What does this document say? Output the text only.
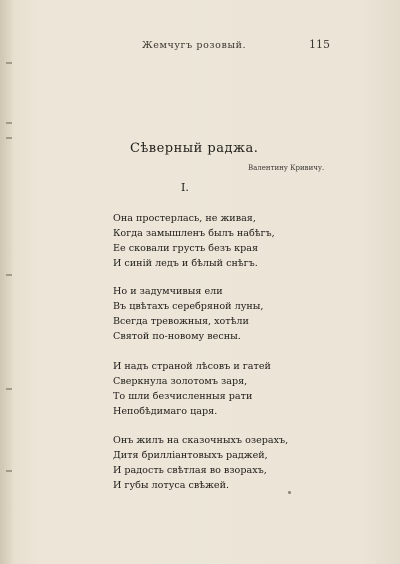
Жемчугъ розовый.	115
Сѣверный раджа.
Валентину Кривичу.
I.
Она простерлась, не живая,
Когда замышленъ былъ набѣгъ,
Ее сковали грусть безъ края
И синій ледъ и бѣлый снѣгъ.
Но и задумчивыя ели
Въ цвѣтахъ серебряной луны,
Всегда тревожныя, хотѣли
Святой по-новому весны.
И надъ страной лѣсовъ и гатей
Сверкнула золотомъ заря,
То шли безчисленныя рати
Непобѣдимаго царя.
Онъ жилъ на сказочныхъ озерахъ,
Дитя брилліантовыхъ раджей,
И радость свѣтлая во взорахъ,
И губы лотуса свѣжей.
